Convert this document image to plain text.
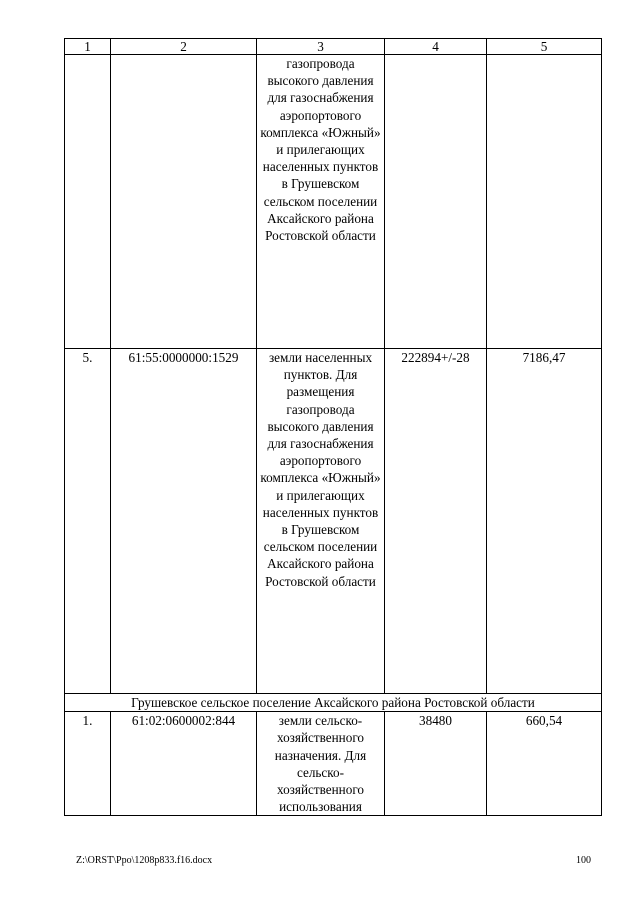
1	2	3	4	5
		газопровода высокого давления для газоснабжения аэропортового комплекса «Южный» и прилегающих населенных пунктов в Грушевском сельском поселении Аксайского района Ростовской области		
5.	61:55:0000000:1529	земли населенных пунктов. Для размещения газопровода высокого давления для газоснабжения аэропортового комплекса «Южный» и прилегающих населенных пунктов в Грушевском сельском поселении Аксайского района Ростовской области	222894+/-28	7186,47
Грушевское сельское поселение Аксайского района Ростовской области				
1.	61:02:0600002:844	земли сельско-хозяйственного назначения. Для сельско-хозяйственного использования	38480	660,54
Z:\ORST\Ppo\1208p833.f16.docx	100
